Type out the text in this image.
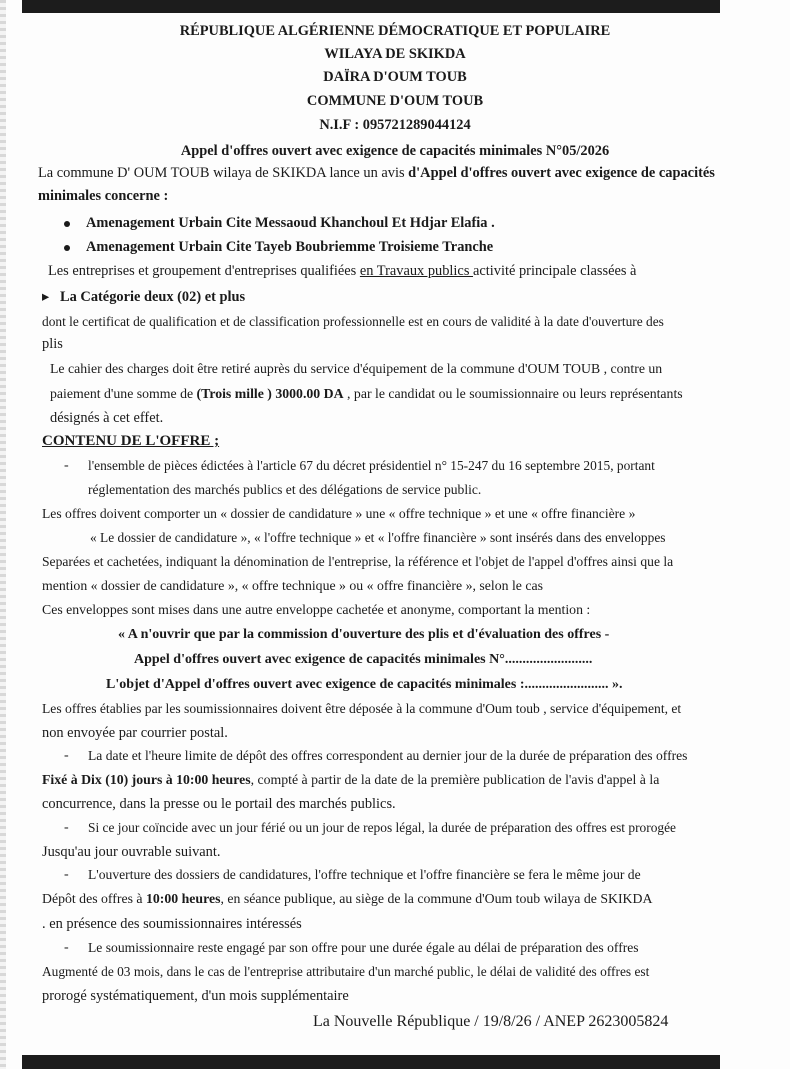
RÉPUBLIQUE ALGÉRIENNE DÉMOCRATIQUE ET POPULAIRE
WILAYA DE SKIKDA
DAÏRA D'OUM TOUB
COMMUNE D'OUM TOUB
N.I.F : 095721289044124
Appel d'offres ouvert avec exigence de capacités minimales N°05/2026
La commune D' OUM TOUB wilaya de SKIKDA lance un avis d'Appel d'offres ouvert avec exigence de capacités
minimales concerne :
Amenagement Urbain Cite Messaoud Khanchoul Et Hdjar Elafia .
Amenagement Urbain Cite Tayeb Boubriemme Troisieme Tranche
Les entreprises et groupement d'entreprises qualifiées en Travaux publics activité principale classées à
▸ La Catégorie deux (02) et plus
dont le certificat de qualification et de classification professionnelle est en cours de validité à la date d'ouverture des
plis
Le cahier des charges doit être retiré auprès du service d'équipement de la commune d'OUM TOUB , contre un
paiement d'une somme de (Trois mille ) 3000.00 DA , par le candidat ou le soumissionnaire ou leurs représentants
désignés à cet effet.
CONTENU DE L'OFFRE ;
- l'ensemble de pièces édictées à l'article 67 du décret présidentiel n° 15-247 du 16 septembre 2015, portant
réglementation des marchés publics et des délégations de service public.
Les offres doivent comporter un « dossier de candidature » une « offre technique » et une « offre financière »
« Le dossier de candidature », « l'offre technique » et « l'offre financière » sont insérés dans des enveloppes
Separées et cachetées, indiquant la dénomination de l'entreprise, la référence et l'objet de l'appel d'offres ainsi que la
mention « dossier de candidature », « offre technique » ou « offre financière », selon le cas
Ces enveloppes sont mises dans une autre enveloppe cachetée et anonyme, comportant la mention :
« A n'ouvrir que par la commission d'ouverture des plis et d'évaluation des offres -
Appel d'offres ouvert avec exigence de capacités minimales N°.........................
L'objet d'Appel d'offres ouvert avec exigence de capacités minimales :........................ ».
Les offres établies par les soumissionnaires doivent être déposée à la commune d'Oum toub , service d'équipement, et
non envoyée par courrier postal.
- La date et l'heure limite de dépôt des offres correspondent au dernier jour de la durée de préparation des offres
Fixé à Dix (10) jours à 10:00 heures, compté à partir de la date de la première publication de l'avis d'appel à la
concurrence, dans la presse ou le portail des marchés publics.
- Si ce jour coïncide avec un jour férié ou un jour de repos légal, la durée de préparation des offres est prorogée
Jusqu'au jour ouvrable suivant.
- L'ouverture des dossiers de candidatures, l'offre technique et l'offre financière se fera le même jour de
Dépôt des offres à 10:00 heures, en séance publique, au siège de la commune d'Oum toub wilaya de SKIKDA
. en présence des soumissionnaires intéressés
- Le soumissionnaire reste engagé par son offre pour une durée égale au délai de préparation des offres
Augmenté de 03 mois, dans le cas de l'entreprise attributaire d'un marché public, le délai de validité des offres est
prorogé systématiquement, d'un mois supplémentaire
La Nouvelle République / 19/8/26 / ANEP 2623005824
